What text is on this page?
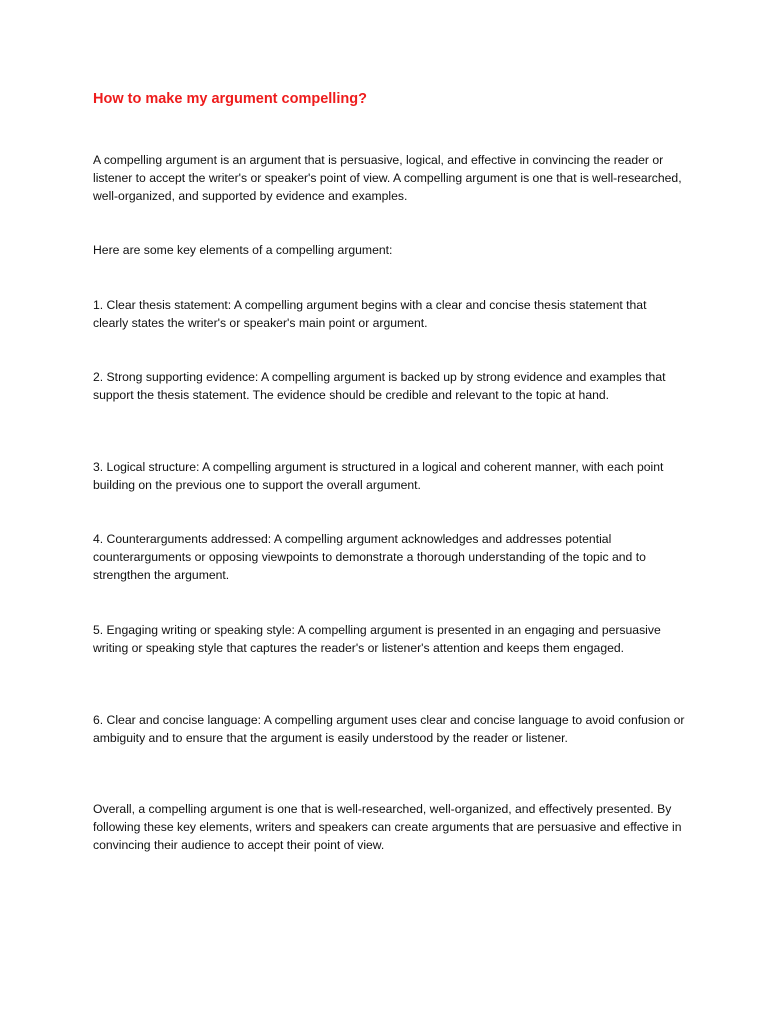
How to make my argument compelling?

A compelling argument is an argument that is persuasive, logical, and effective in convincing the reader or listener to accept the writer's or speaker's point of view. A compelling argument is one that is well-researched, well-organized, and supported by evidence and examples.

Here are some key elements of a compelling argument:

1. Clear thesis statement: A compelling argument begins with a clear and concise thesis statement that clearly states the writer's or speaker's main point or argument.

2. Strong supporting evidence: A compelling argument is backed up by strong evidence and examples that support the thesis statement. The evidence should be credible and relevant to the topic at hand.

3. Logical structure: A compelling argument is structured in a logical and coherent manner, with each point building on the previous one to support the overall argument.

4. Counterarguments addressed: A compelling argument acknowledges and addresses potential counterarguments or opposing viewpoints to demonstrate a thorough understanding of the topic and to strengthen the argument.

5. Engaging writing or speaking style: A compelling argument is presented in an engaging and persuasive writing or speaking style that captures the reader's or listener's attention and keeps them engaged.

6. Clear and concise language: A compelling argument uses clear and concise language to avoid confusion or ambiguity and to ensure that the argument is easily understood by the reader or listener.

Overall, a compelling argument is one that is well-researched, well-organized, and effectively presented. By following these key elements, writers and speakers can create arguments that are persuasive and effective in convincing their audience to accept their point of view.
